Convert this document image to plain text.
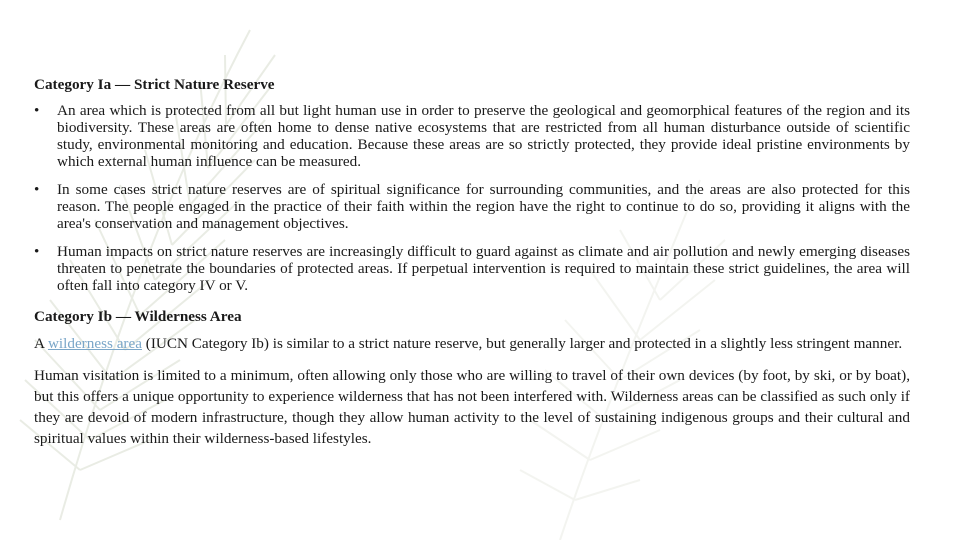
Category Ia — Strict Nature Reserve

• An area which is protected from all but light human use in order to preserve the geological and geomorphical features of the region and its biodiversity. These areas are often home to dense native ecosystems that are restricted from all human disturbance outside of scientific study, environmental monitoring and education. Because these areas are so strictly protected, they provide ideal pristine environments by which external human influence can be measured.
• In some cases strict nature reserves are of spiritual significance for surrounding communities, and the areas are also protected for this reason. The people engaged in the practice of their faith within the region have the right to continue to do so, providing it aligns with the area's conservation and management objectives.
• Human impacts on strict nature reserves are increasingly difficult to guard against as climate and air pollution and newly emerging diseases threaten to penetrate the boundaries of protected areas. If perpetual intervention is required to maintain these strict guidelines, the area will often fall into category IV or V.

Category Ib — Wilderness Area

A wilderness area (IUCN Category Ib) is similar to a strict nature reserve, but generally larger and protected in a slightly less stringent manner.

Human visitation is limited to a minimum, often allowing only those who are willing to travel of their own devices (by foot, by ski, or by boat), but this offers a unique opportunity to experience wilderness that has not been interfered with. Wilderness areas can be classified as such only if they are devoid of modern infrastructure, though they allow human activity to the level of sustaining indigenous groups and their cultural and spiritual values within their wilderness-based lifestyles.
